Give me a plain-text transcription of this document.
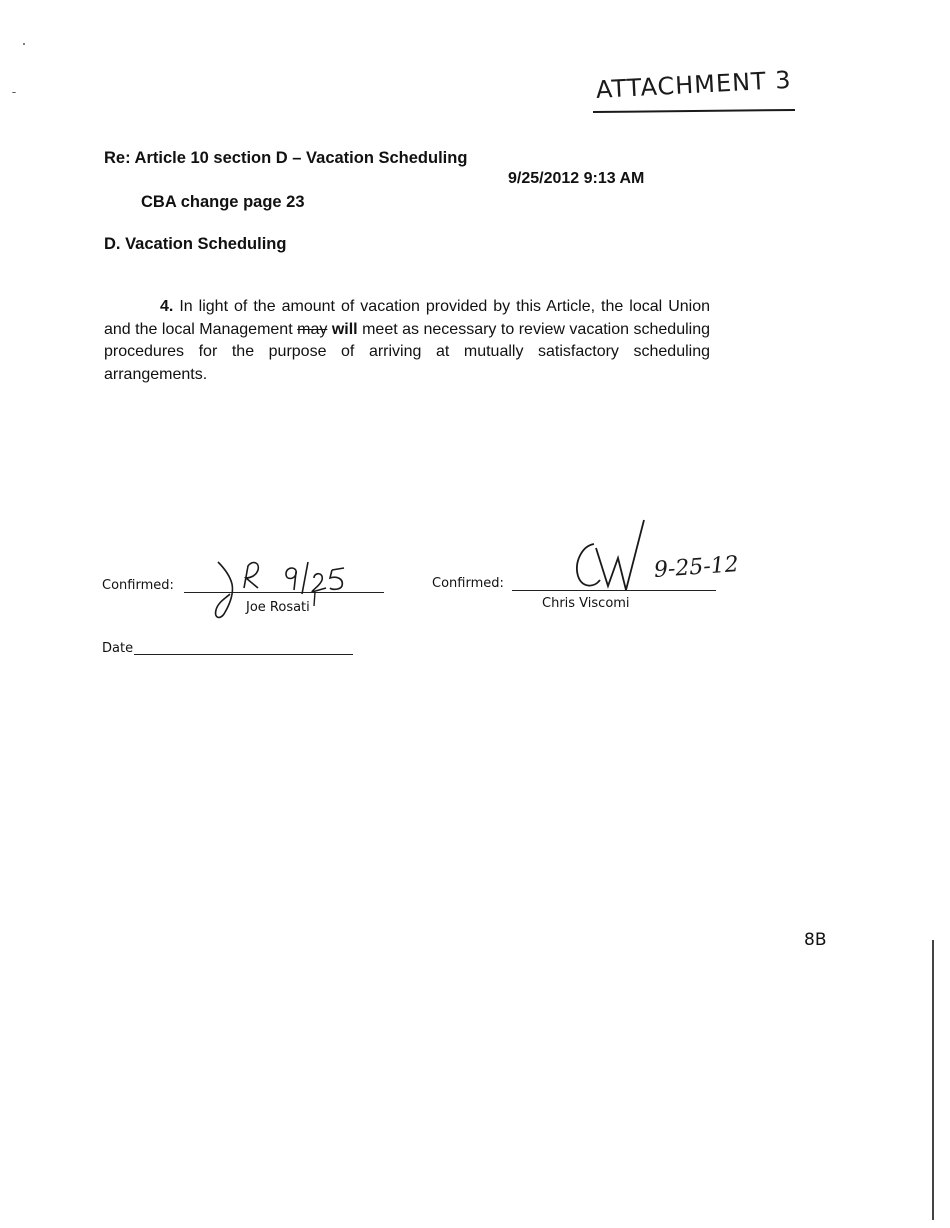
ATTACHMENT 3
Re: Article 10 section D – Vacation Scheduling
9/25/2012 9:13 AM
CBA change page 23
D. Vacation Scheduling
4. In light of the amount of vacation provided by this Article, the local Union and the local Management may will meet as necessary to review vacation scheduling procedures for the purpose of arriving at mutually satisfactory scheduling arrangements.
Confirmed:
Joe Rosati
Confirmed:
9-25-12
Chris Viscomi
Date
8B
